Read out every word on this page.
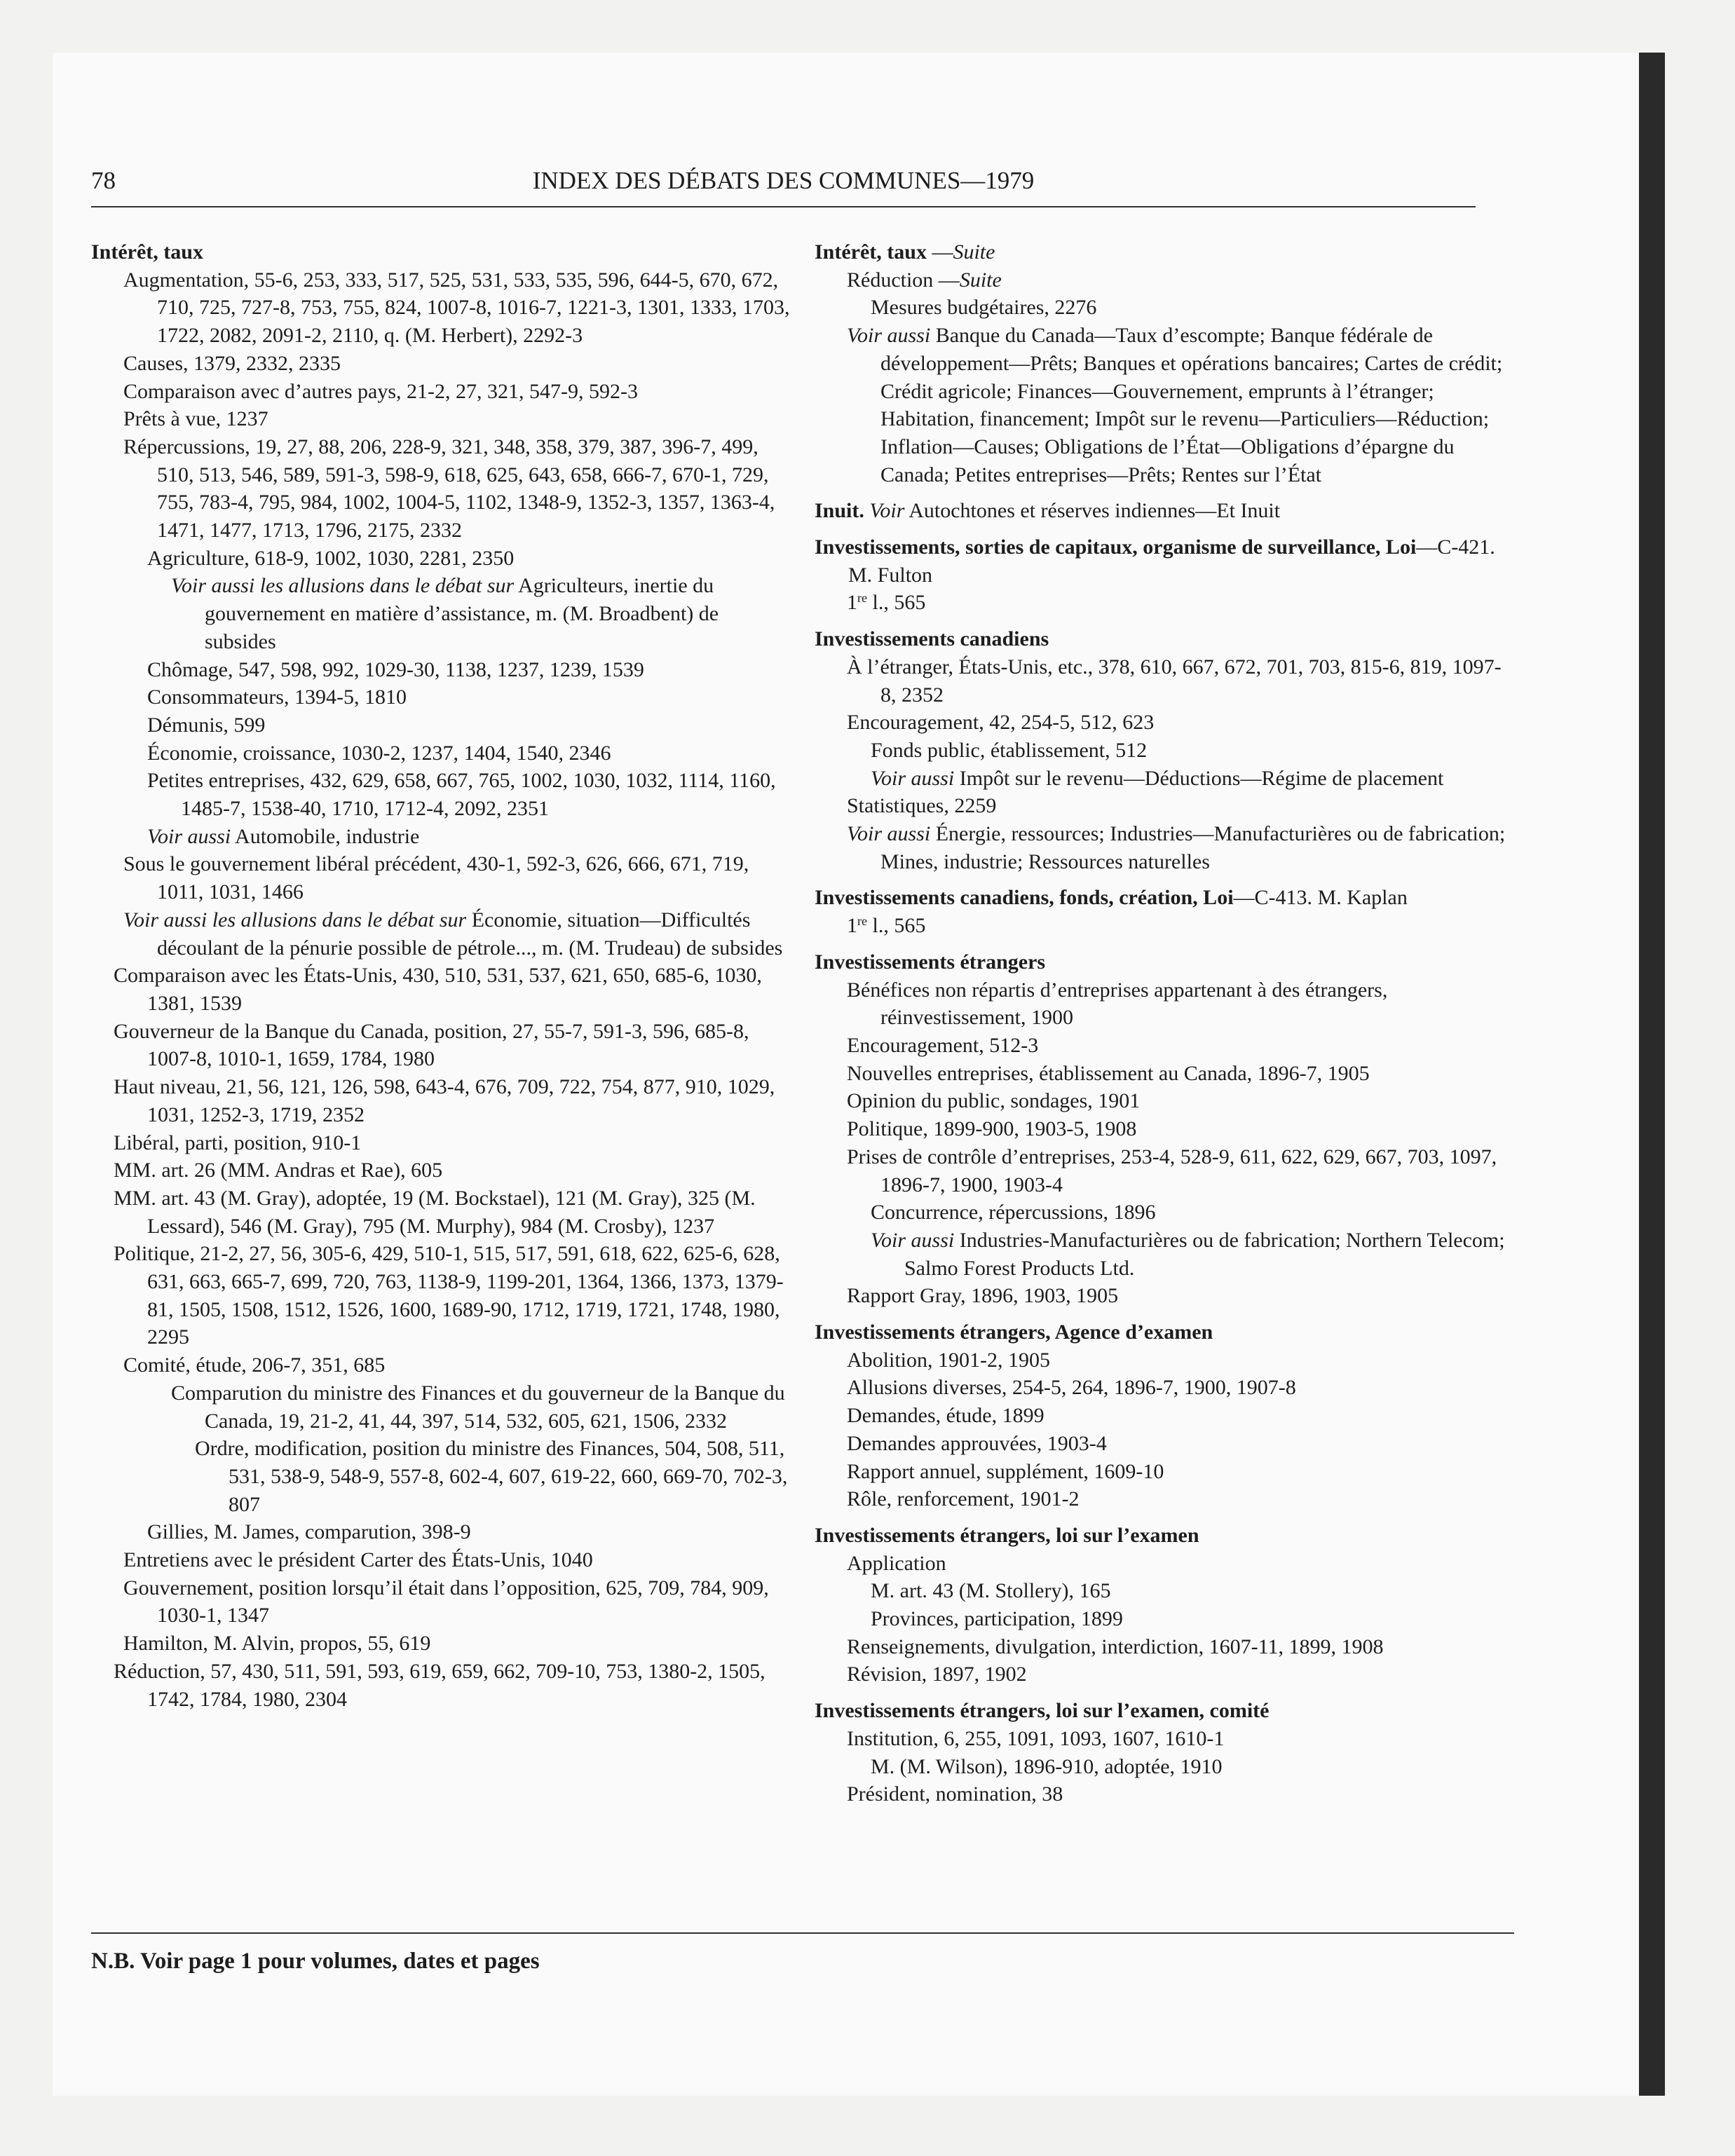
78	INDEX DES DÉBATS DES COMMUNES—1979

Intérêt, taux

Augmentation, 55-6, 253, 333, 517, 525, 531, 533, 535, 596, 644-5, 670, 672, 710, 725, 727-8, 753, 755, 824, 1007-8, 1016-7, 1221-3, 1301, 1333, 1703, 1722, 2082, 2091-2, 2110, q. (M. Herbert), 2292-3

Causes, 1379, 2332, 2335

Comparaison avec d’autres pays, 21-2, 27, 321, 547-9, 592-3

Prêts à vue, 1237

Répercussions, 19, 27, 88, 206, 228-9, 321, 348, 358, 379, 387, 396-7, 499, 510, 513, 546, 589, 591-3, 598-9, 618, 625, 643, 658, 666-7, 670-1, 729, 755, 783-4, 795, 984, 1002, 1004-5, 1102, 1348-9, 1352-3, 1357, 1363-4, 1471, 1477, 1713, 1796, 2175, 2332

Agriculture, 618-9, 1002, 1030, 2281, 2350

Voir aussi les allusions dans le débat sur Agriculteurs, inertie du gouvernement en matière d’assistance, m. (M. Broadbent) de subsides

Chômage, 547, 598, 992, 1029-30, 1138, 1237, 1239, 1539

Consommateurs, 1394-5, 1810

Démunis, 599

Économie, croissance, 1030-2, 1237, 1404, 1540, 2346

Petites entreprises, 432, 629, 658, 667, 765, 1002, 1030, 1032, 1114, 1160, 1485-7, 1538-40, 1710, 1712-4, 2092, 2351

Voir aussi Automobile, industrie

Sous le gouvernement libéral précédent, 430-1, 592-3, 626, 666, 671, 719, 1011, 1031, 1466

Voir aussi les allusions dans le débat sur Économie, situation—Difficultés découlant de la pénurie possible de pétrole..., m. (M. Trudeau) de subsides

Comparaison avec les États-Unis, 430, 510, 531, 537, 621, 650, 685-6, 1030, 1381, 1539

Gouverneur de la Banque du Canada, position, 27, 55-7, 591-3, 596, 685-8, 1007-8, 1010-1, 1659, 1784, 1980

Haut niveau, 21, 56, 121, 126, 598, 643-4, 676, 709, 722, 754, 877, 910, 1029, 1031, 1252-3, 1719, 2352

Libéral, parti, position, 910-1

MM. art. 26 (MM. Andras et Rae), 605

MM. art. 43 (M. Gray), adoptée, 19 (M. Bockstael), 121 (M. Gray), 325 (M. Lessard), 546 (M. Gray), 795 (M. Murphy), 984 (M. Crosby), 1237

Politique, 21-2, 27, 56, 305-6, 429, 510-1, 515, 517, 591, 618, 622, 625-6, 628, 631, 663, 665-7, 699, 720, 763, 1138-9, 1199-201, 1364, 1366, 1373, 1379-81, 1505, 1508, 1512, 1526, 1600, 1689-90, 1712, 1719, 1721, 1748, 1980, 2295

Comité, étude, 206-7, 351, 685

Comparution du ministre des Finances et du gouverneur de la Banque du Canada, 19, 21-2, 41, 44, 397, 514, 532, 605, 621, 1506, 2332

Ordre, modification, position du ministre des Finances, 504, 508, 511, 531, 538-9, 548-9, 557-8, 602-4, 607, 619-22, 660, 669-70, 702-3, 807

Gillies, M. James, comparution, 398-9

Entretiens avec le président Carter des États-Unis, 1040

Gouvernement, position lorsqu’il était dans l’opposition, 625, 709, 784, 909, 1030-1, 1347

Hamilton, M. Alvin, propos, 55, 619

Réduction, 57, 430, 511, 591, 593, 619, 659, 662, 709-10, 753, 1380-2, 1505, 1742, 1784, 1980, 2304

Intérêt, taux —Suite

Réduction —Suite

Mesures budgétaires, 2276

Voir aussi Banque du Canada—Taux d’escompte; Banque fédérale de développement—Prêts; Banques et opérations bancaires; Cartes de crédit; Crédit agricole; Finances—Gouvernement, emprunts à l’étranger; Habitation, financement; Impôt sur le revenu—Particuliers—Réduction; Inflation—Causes; Obligations de l’État—Obligations d’épargne du Canada; Petites entreprises—Prêts; Rentes sur l’État

Inuit. Voir Autochtones et réserves indiennes—Et Inuit

Investissements, sorties de capitaux, organisme de surveillance, Loi—C-421. M. Fulton

1re l., 565

Investissements canadiens

À l’étranger, États-Unis, etc., 378, 610, 667, 672, 701, 703, 815-6, 819, 1097-8, 2352

Encouragement, 42, 254-5, 512, 623

Fonds public, établissement, 512

Voir aussi Impôt sur le revenu—Déductions—Régime de placement

Statistiques, 2259

Voir aussi Énergie, ressources; Industries—Manufacturières ou de fabrication; Mines, industrie; Ressources naturelles

Investissements canadiens, fonds, création, Loi—C-413. M. Kaplan

1re l., 565

Investissements étrangers

Bénéfices non répartis d’entreprises appartenant à des étrangers, réinvestissement, 1900

Encouragement, 512-3

Nouvelles entreprises, établissement au Canada, 1896-7, 1905

Opinion du public, sondages, 1901

Politique, 1899-900, 1903-5, 1908

Prises de contrôle d’entreprises, 253-4, 528-9, 611, 622, 629, 667, 703, 1097, 1896-7, 1900, 1903-4

Concurrence, répercussions, 1896

Voir aussi Industries-Manufacturières ou de fabrication; Northern Telecom; Salmo Forest Products Ltd.

Rapport Gray, 1896, 1903, 1905

Investissements étrangers, Agence d’examen

Abolition, 1901-2, 1905

Allusions diverses, 254-5, 264, 1896-7, 1900, 1907-8

Demandes, étude, 1899

Demandes approuvées, 1903-4

Rapport annuel, supplément, 1609-10

Rôle, renforcement, 1901-2

Investissements étrangers, loi sur l’examen

Application

M. art. 43 (M. Stollery), 165

Provinces, participation, 1899

Renseignements, divulgation, interdiction, 1607-11, 1899, 1908

Révision, 1897, 1902

Investissements étrangers, loi sur l’examen, comité

Institution, 6, 255, 1091, 1093, 1607, 1610-1

M. (M. Wilson), 1896-910, adoptée, 1910

Président, nomination, 38

N.B. Voir page 1 pour volumes, dates et pages
